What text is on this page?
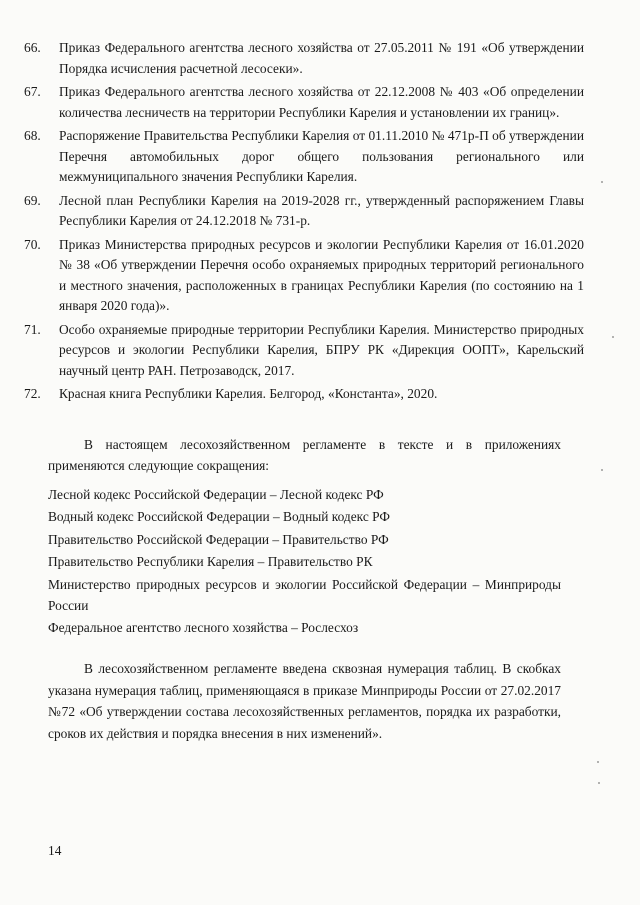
66.	Приказ Федерального агентства лесного хозяйства от 27.05.2011 № 191 «Об утверждении Порядка исчисления расчетной лесосеки».
67.	Приказ Федерального агентства лесного хозяйства от 22.12.2008 № 403 «Об определении количества лесничеств на территории Республики Карелия и установлении их границ».
68.	Распоряжение Правительства Республики Карелия от 01.11.2010 № 471р-П об утверждении Перечня автомобильных дорог общего пользования регионального или межмуниципального значения Республики Карелия.
69.	Лесной план Республики Карелия на 2019-2028 гг., утвержденный распоряжением Главы Республики Карелия от 24.12.2018 № 731-р.
70.	Приказ Министерства природных ресурсов и экологии Республики Карелия от 16.01.2020 № 38 «Об утверждении Перечня особо охраняемых природных территорий регионального и местного значения, расположенных в границах Республики Карелия (по состоянию на 1 января 2020 года)».
71.	Особо охраняемые природные территории Республики Карелия. Министерство природных ресурсов и экологии Республики Карелия, БПРУ РК «Дирекция ООПТ», Карельский научный центр РАН. Петрозаводск, 2017.
72.	Красная книга Республики Карелия. Белгород, «Константа», 2020.

В настоящем лесохозяйственном регламенте в тексте и в приложениях применяются следующие сокращения:

Лесной кодекс Российской Федерации – Лесной кодекс РФ
Водный кодекс Российской Федерации – Водный кодекс РФ
Правительство Российской Федерации – Правительство РФ
Правительство Республики Карелия – Правительство РК
Министерство природных ресурсов и экологии Российской Федерации – Минприроды России
Федеральное агентство лесного хозяйства – Рослесхоз

В лесохозяйственном регламенте введена сквозная нумерация таблиц. В скобках указана нумерация таблиц, применяющаяся в приказе Минприроды России от 27.02.2017 №72 «Об утверждении состава лесохозяйственных регламентов, порядка их разработки, сроков их действия и порядка внесения в них изменений».

14
